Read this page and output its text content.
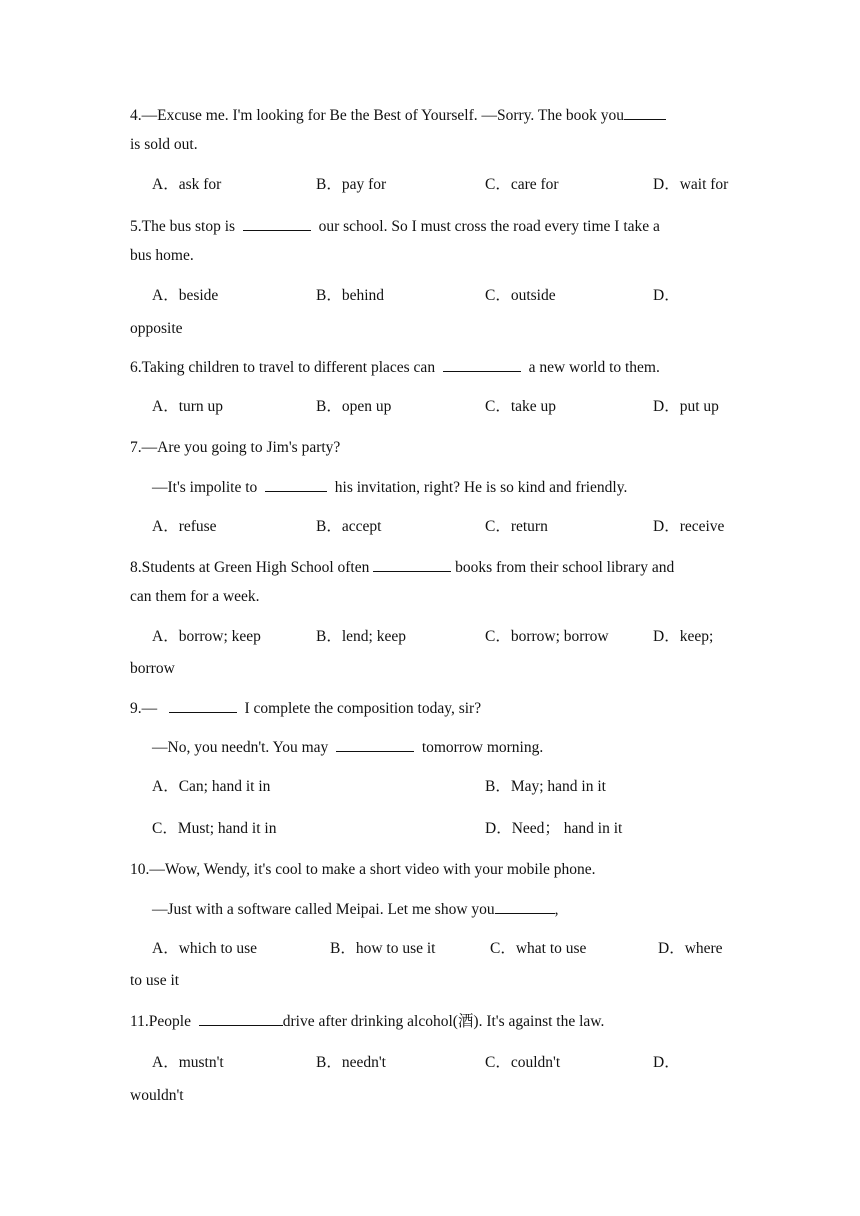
4.—Excuse me. I'm looking for Be the Best of Yourself. —Sorry. The book you
is sold out.
A．ask for	B．pay for	C．care for	D．wait for
5.The bus stop is	our school. So I must cross the road every time I take a
bus home.
A．beside	B．behind	C．outside	D．
opposite
6.Taking children to travel to different places can	a new world to them.
A．turn up	B．open up	C．take up	D．put up
7.—Are you going to Jim's party?
—It's impolite to	his invitation, right? He is so kind and friendly.
A．refuse	B．accept	C．return	D．receive
8.Students at Green High School often	books from their school library and
can them for a week.
A．borrow; keep	B．lend; keep	C．borrow; borrow	D．keep;
borrow
9.—	I complete the composition today, sir?
—No, you needn't. You may	tomorrow morning.
A．Can; hand it in	B．May; hand in it
C．Must; hand it in	D．Need； hand in it
10.—Wow, Wendy, it's cool to make a short video with your mobile phone.
—Just with a software called Meipai. Let me show you	,
A．which to use	B．how to use it	C．what to use	D．where
to use it
11.People	drive after drinking alcohol(酒). It's against the law.
A．mustn't	B．needn't	C．couldn't	D．
wouldn't
